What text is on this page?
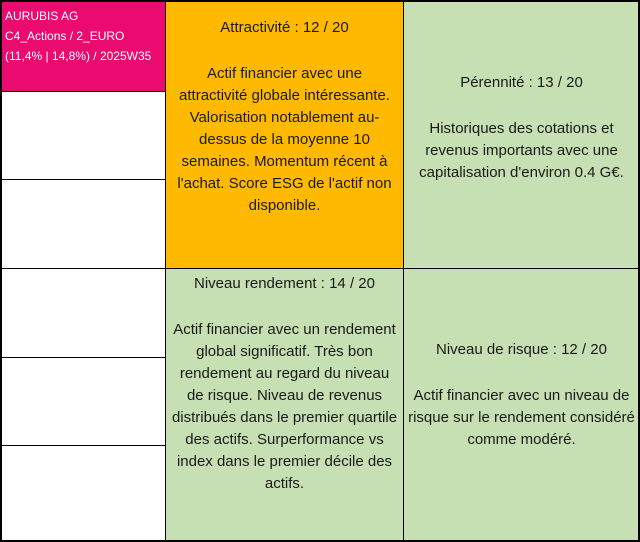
AURUBIS AG
C4_Actions / 2_EURO
(11,4% | 14,8%) / 2025W35
Attractivité : 12 / 20
Actif financier avec une attractivité globale intéressante. Valorisation notablement au-dessus de la moyenne 10 semaines. Momentum récent à l'achat. Score ESG de l'actif non disponible.
Pérennité : 13 / 20
Historiques des cotations et revenus importants avec une capitalisation d'environ 0.4 G€.
Niveau rendement : 14 / 20
Actif financier avec un rendement global significatif. Très bon rendement au regard du niveau de risque. Niveau de revenus distribués dans le premier quartile des actifs. Surperformance vs index dans le premier décile des actifs.
Niveau de risque : 12 / 20
Actif financier avec un niveau de risque sur le rendement considéré comme modéré.
